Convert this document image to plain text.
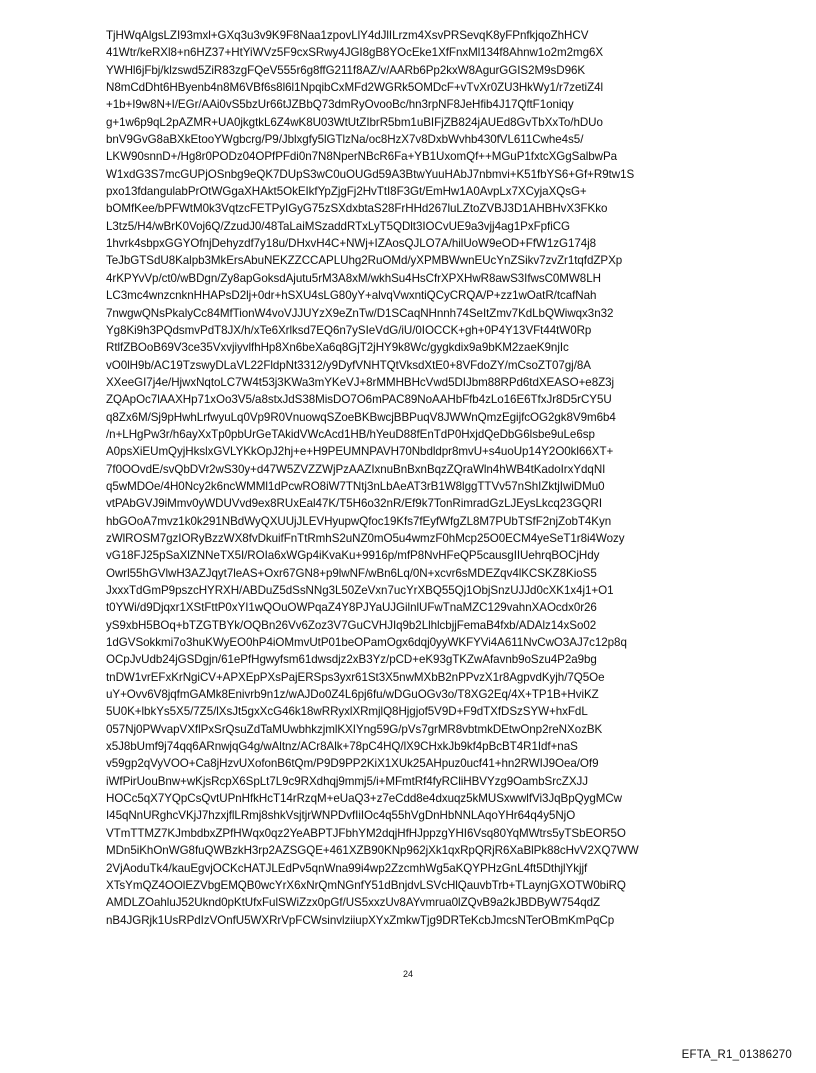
TjHWqAlgsLZI93mxl+GXq3u3v9K9F8Naa1zpovLlY4dJlILrzm4XsvPRSevqK8yFPnfkjqoZhHCV
41Wtr/keRXl8+n6HZ37+HtYiWVz5F9cxSRwy4JGI8gB8YOcEke1XfFnxMl134f8Ahnw1o2m2mg6X
YWHl6jFbj/klzswd5ZiR83zgFQeV555r6g8ffG211f8AZ/v/AARb6Pp2kxW8AgurGGIS2M9sD96K
N8mCdDht6HByenb4n8M6VBf6s8l6l1NpqibCxMFd2WGRk5OMDcF+vTvXr0ZU3HkWy1/r7zetiZ4l
+1b+I9w8N+I/EGr/AAi0vS5bzUr66tJZBbQ73dmRyOvooBc/hn3rpNF8JeHfib4J17QftF1oniqy
g+1w6p9qL2pAZMR+UA0jkgtkL6Z4wK8U03WtUtZIbrR5bm1uBIFjZB824jAUEd8GvTbXxTo/hDUo
bnV9GvG8aBXkEtooYWgbcrg/P9/Jblxgfy5lGTlzNa/oc8HzX7v8DxbWvhb430fVL611Cwhe4s5/
LKW90snnD+/Hg8r0PODz04OPfPFdi0n7N8NperNBcR6Fa+YB1UxomQf++MGuP1fxtcXGgSalbwPa
W1xdG3S7mcGUPjOSnbg9eQK7DUpS3wC0uOUGd59A3BtwYuuHAbJ7nbmvi+K51fbYS6+Gf+R9tw1S
pxo13fdangulabPrOtWGgaXHAkt5OkEIkfYpZjgFj2HvTtI8F3Gt/EmHw1A0AvpLx7XCyjaXQsG+
bOMfKee/bPFWtM0k3VqtzcFETPyIGyG75zSXdxbtaS28FrHHd267luLZtoZVBJ3D1AHBHvX3FKko
L3tz5/H4/wBrK0Voj6Q/ZzudJ0/48TaLaiMSzaddRTxLyT5QDlt3IOCvUE9a3vjj4ag1PxFpfiCG
1hvrk4sbpxGGYOfnjDehyzdf7y18u/DHxvH4C+NWj+IZAosQJLO7A/hilUoW9eOD+FfW1zG174j8
TeJbGTSdU8Kalpb3MkErsAbuNEKZZCCAPLUhg2RuOMd/yXPMBWwnEUcYnZSikv7zvZr1tqfdZPXp
4rKPYvVp/ct0/wBDgn/Zy8apGoksdAjutu5rM3A8xM/wkhSu4HsCfrXPXHwR8awS3IfwsC0MW8LH
LC3mc4wnzcnknHHAPsD2lj+0dr+hSXU4sLG80yY+alvqVwxntiQCyCRQA/P+zz1wOatR/tcafNah
7nwgwQNsPkalyCc84MfTionW4voVJJUYzX9eZnTw/D1SCaqNHnnh74SeItZmv7KdLbQWiwqx3n32
Yg8Ki9h3PQdsmvPdT8JX/h/xTe6Xrlksd7EQ6n7ySIeVdG/iU/0IOCCK+gh+0P4Y13VFt44tW0Rp
RtlfZBOoB69V3ce35VxvjiyvlfhHp8Xn6beXa6q8GjT2jHY9k8Wc/gygkdix9a9bKM2zaeK9njIc
vO0lH9b/AC19TzswyDLaVL22FldpNt3312/y9DyfVNHTQtVksdXtE0+8VFdoZY/mCsoZT07gj/8A
XXeeGI7j4e/HjwxNqtoLC7W4t53j3KWa3mYKeVJ+8rMMHBHcVwd5DIJbm88RPd6tdXEASO+e8Z3j
ZQApOc7lAAXHp71xOo3V5/a8stxJdS38MisDO7O6mPAC89NoAAHbFfb4zLo16E6TfxJr8D5rCY5U
q8Zx6M/Sj9pHwhLrfwyuLq0Vp9R0VnuowqSZoeBKBwcjBBPuqV8JWWnQmzEgijfcOG2gk8V9m6b4
/n+LHgPw3r/h6ayXxTp0pbUrGeTAkidVWcAcd1HB/hYeuD88fEnTdP0HxjdQeDbG6lsbe9uLe6sp
A0psXiEUmQyjHkslxGVLYKkOpJ2hj+e+H9PEUMNPAVH70Nbdldpr8mvU+s4uoUp14Y2O0kl66XT+
7f0OOvdE/svQbDVr2wS30y+d47W5ZVZZWjPzAAZIxnuBnBxnBqzZQraWln4hWB4tKadoIrxYdqNI
q5wMDOe/4H0Ncy2k6ncWMMl1dPcwRO8iW7TNtj3nLbAeAT3rB1W8lggTTVv57nShIZktjIwiDMu0
vtPAbGVJ9iMmv0yWDUVvd9ex8RUxEal47K/T5H6o32nR/Ef9k7TonRimradGzLJEysLkcq23GQRI
hbGOoA7mvz1k0k291NBdWyQXUUjJLEVHyupwQfoc19Kfs7fEyfWfgZL8M7PUbTSfF2njZobT4Kyn
zWlROSM7gzIORyBzzWX8fvDkuifFnTtRmhS2uNZ0mO5u4wmzF0hMcp25O0ECM4yeSeT1r8i4Wozy
vG18FJ25pSaXlZNNeTX5I/ROIa6xWGp4iKvaKu+9916p/mfP8NvHFeQP5causgIIUehrqBOCjHdy
Owrl55hGVlwH3AZJqyt7leAS+Oxr67GN8+p9lwNF/wBn6Lq/0N+xcvr6sMDEZqv4lKCSKZ8KioS5
JxxxTdGmP9pszcHYRXH/ABDuZ5dSsNNg3L50ZeVxn7ucYrXBQ55Qj1ObjSnzUJJd0cXK1x4j1+O1
t0YWi/d9Djqxr1XStFttP0xYI1wQOuOWPqaZ4Y8PJYaUJGilnlUFwTnaMZC129vahnXAOcdx0r26
yS9xbH5BOq+bTZGTBYk/OQBn26Vv6Zoz3V7GuCVHJIq9b2LlhlcbjjFemaB4fxb/ADAlz14xSo02
1dGVSokkmi7o3huKWyEO0hP4iOMmvUtP01beOPamOgx6dqj0yyWKFYVi4A611NvCwO3AJ7c12p8q
OCpJvUdb24jGSDgjn/61ePfHgwyfsm61dwsdjz2xB3Yz/pCD+eK93gTKZwAfavnb9oSzu4P2a9bg
tnDW1vrEFxKrNgiCV+APXEpPXsPajERSps3yxr61St3X5nwMXbB2nPPvzX1r8AgpvdKyjh/7Q5Oe
uY+Ovv6V8jqfmGAMk8Enivrb9n1z/wAJDo0Z4L6pj6fu/wDGuOGv3o/T8XG2Eq/4X+TP1B+HviKZ
5U0K+lbkYs5X5/7Z5/lXsJt5gxXcG46k18wRRyxlXRmjlQ8Hjgjof5V9D+F9dTXfDSzSYW+hxFdL
057Nj0PWvapVXflPxSrQsuZdTaMUwbhkzjmlKXIYng59G/pVs7grMR8vbtmkDEtwOnp2reNXozBK
x5J8bUmf9j74qq6ARnwjqG4g/wAltnz/ACr8Alk+78pC4HQ/lX9CHxkJb9kf4pBcBT4R1Idf+naS
v59gp2qVyVOO+Ca8jHzvUXofonB6tQm/P9D9PP2KiX1XUk25AHpuz0ucf41+hn2RWIJ9Oea/Of9
iWfPirUouBnw+wKjsRcpX6SpLt7L9c9RXdhqj9mmj5/i+MFmtRf4fyRCliHBVYzg9OambSrcZXJJ
HOCc5qX7YQpCsQvtUPnHfkHcT14rRzqM+eUaQ3+z7eCdd8e4dxuqz5kMUSxwwlfVi3JqBpQygMCw
I45qNnURghcVKjJ7hzxjflLRmj8shkVsjtjrWNPDvfIiIOc4q55hVgDnHbNNLAqoYHr64q4y5NjO
VTmTTMZ7KJmbdbxZPfHWqx0qz2YeABPTJFbhYM2dqjHfHJppzgYHI6Vsq80YqMWtrs5yTSbEOR5O
MDn5iKhOnWG8fuQWBzkH3rp2AZSGQE+461XZB90KNp962jXk1qxRpQRjR6XaBlPk88cHvV2XQ7WW
2VjAoduTk4/kauEgvjOCKcHATJLEdPv5qnWna99i4wp2ZzcmhWg5aKQYPHzGnL4ft5DthjlYkjjf
XTsYmQZ4OOlEZVbgEMQB0wcYrX6xNrQmNGnfY51dBnjdvLSVcHlQauvbTrb+TLaynjGXOTW0biRQ
AMDLZOahluJ52Uknd0pKtUfxFulSWiZzx0pGf/US5xxzUv8AYvmrua0lZQvB9a2kJBDByW754qdZ
nB4JGRjk1UsRPdIzVOnfU5WXRrVpFCWsinvlziiupXYxZmkwTjg9DRTeKcbJmcsNTerOBmKmPqCp
24
EFTA_R1_01386270
